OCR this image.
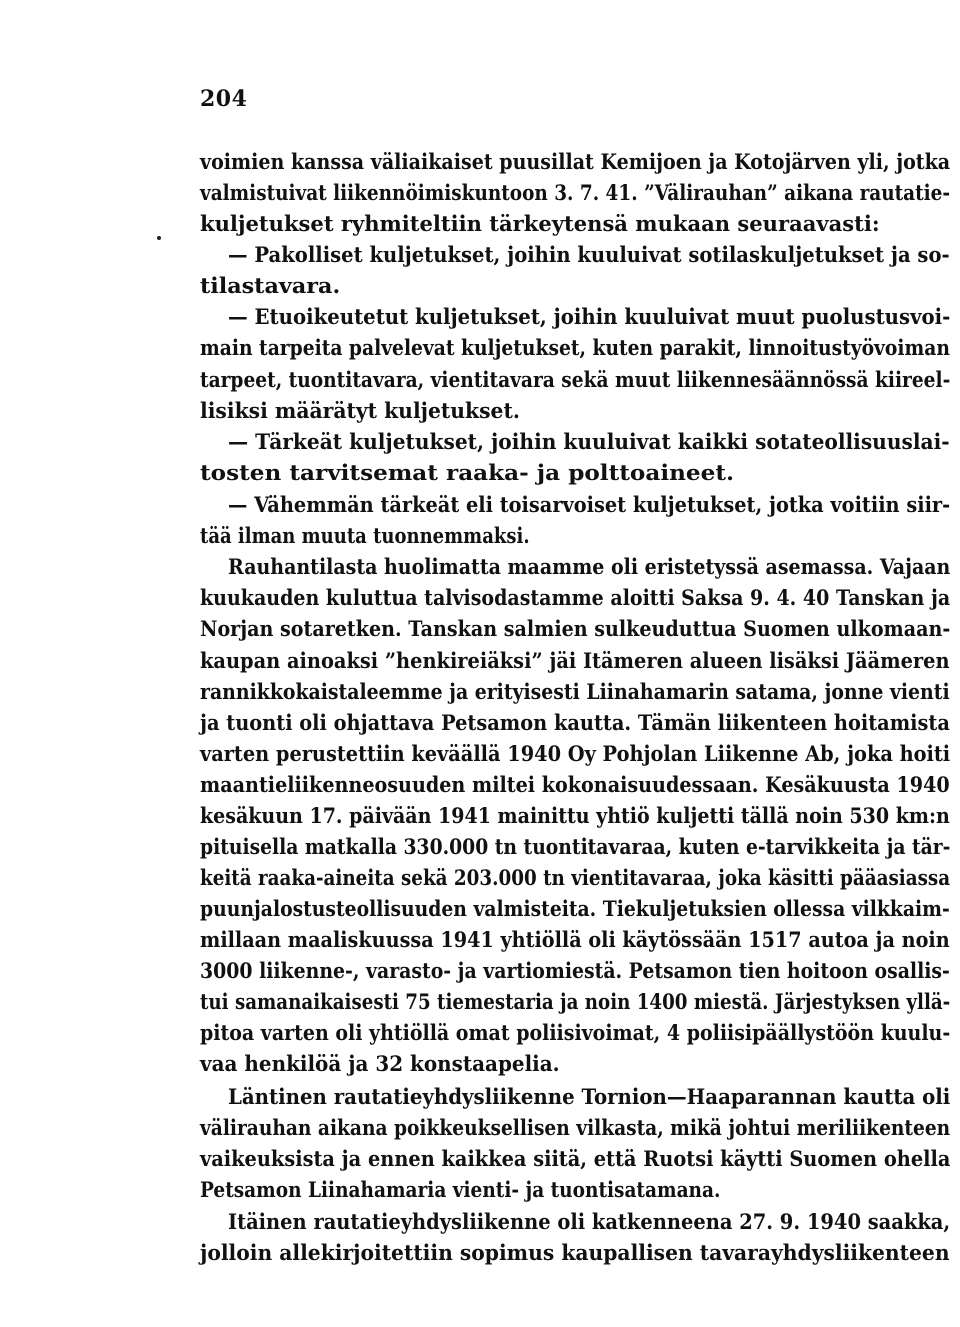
204
voimien kanssa väliaikaiset puusillat Kemijoen ja Kotojärven yli, jotka
valmistuivat liikennöimiskuntoon 3. 7. 41. ”Välirauhan” aikana rautatie-
kuljetukset ryhmiteltiin tärkeytensä mukaan seuraavasti:
— Pakolliset kuljetukset, joihin kuuluivat sotilaskuljetukset ja so-
tilastavara.
— Etuoikeutetut kuljetukset, joihin kuuluivat muut puolustusvoi-
main tarpeita palvelevat kuljetukset, kuten parakit, linnoitustyövoiman
tarpeet, tuontitavara, vientitavara sekä muut liikennesäännössä kiireel-
lisiksi määrätyt kuljetukset.
— Tärkeät kuljetukset, joihin kuuluivat kaikki sotateollisuuslai-
tosten tarvitsemat raaka- ja polttoaineet.
— Vähemmän tärkeät eli toisarvoiset kuljetukset, jotka voitiin siir-
tää ilman muuta tuonnemmaksi.
Rauhantilasta huolimatta maamme oli eristetyssä asemassa. Vajaan
kuukauden kuluttua talvisodastamme aloitti Saksa 9. 4. 40 Tanskan ja
Norjan sotaretken. Tanskan salmien sulkeuduttua Suomen ulkomaan-
kaupan ainoaksi ”henkireiäksi” jäi Itämeren alueen lisäksi Jäämeren
rannikkokaistaleemme ja erityisesti Liinahamarin satama, jonne vienti
ja tuonti oli ohjattava Petsamon kautta. Tämän liikenteen hoitamista
varten perustettiin keväällä 1940 Oy Pohjolan Liikenne Ab, joka hoiti
maantieliikenneosuuden miltei kokonaisuudessaan. Kesäkuusta 1940
kesäkuun 17. päivään 1941 mainittu yhtiö kuljetti tällä noin 530 km:n
pituisella matkalla 330.000 tn tuontitavaraa, kuten e-tarvikkeita ja tär-
keitä raaka-aineita sekä 203.000 tn vientitavaraa, joka käsitti pääasiassa
puunjalostusteollisuuden valmisteita. Tiekuljetuksien ollessa vilkkaim-
millaan maaliskuussa 1941 yhtiöllä oli käytössään 1517 autoa ja noin
3000 liikenne-, varasto- ja vartiomiestä. Petsamon tien hoitoon osallis-
tui samanaikaisesti 75 tiemestaria ja noin 1400 miestä. Järjestyksen yllä-
pitoa varten oli yhtiöllä omat poliisivoimat, 4 poliisipäällystöön kuulu-
vaa henkilöä ja 32 konstaapelia.
Läntinen rautatieyhdysliikenne Tornion—Haaparannan kautta oli
välirauhan aikana poikkeuksellisen vilkasta, mikä johtui meriliikenteen
vaikeuksista ja ennen kaikkea siitä, että Ruotsi käytti Suomen ohella
Petsamon Liinahamaria vienti- ja tuontisatamana.
Itäinen rautatieyhdysliikenne oli katkenneena 27. 9. 1940 saakka,
jolloin allekirjoitettiin sopimus kaupallisen tavarayhdysliikenteen
